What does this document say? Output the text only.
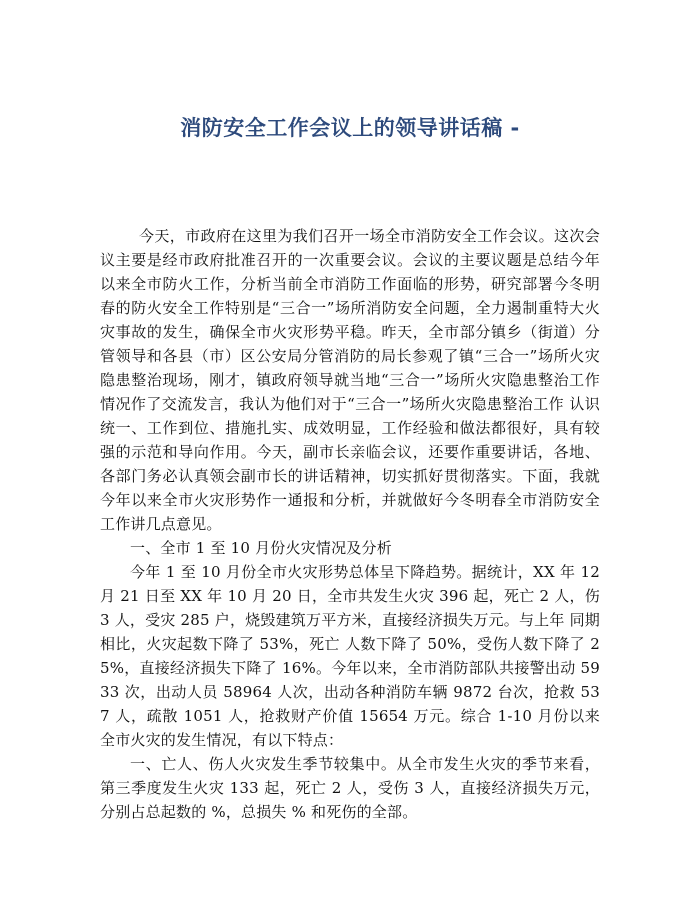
消防安全工作会议上的领导讲话稿 -

今天，市政府在这里为我们召开一场全市消防安全工作会议。这次会议主要是经市政府批准召开的一次重要会议。会议的主要议题是总结今年以来全市防火工作，分析当前全市消防工作面临的形势，研究部署今冬明春的防火安全工作特别是“三合一”场所消防安全问题，全力遏制重特大火灾事故的发生，确保全市火灾形势平稳。昨天，全市部分镇乡（街道）分管领导和各县（市）区公安局分管消防的局长参观了镇“三合一”场所火灾隐患整治现场，刚才，镇政府领导就当地“三合一”场所火灾隐患整治工作情况作了交流发言，我认为他们对于“三合一”场所火灾隐患整治工作 认识统一、工作到位、措施扎实、成效明显，工作经验和做法都很好，具有较强的示范和导向作用。今天，副市长亲临会议，还要作重要讲话，各地、各部门务必认真领会副市长的讲话精神，切实抓好贯彻落实。下面，我就今年以来全市火灾形势作一通报和分析，并就做好今冬明春全市消防安全工作讲几点意见。

一、全市 1 至 10 月份火灾情况及分析

今年 1 至 10 月份全市火灾形势总体呈下降趋势。据统计，XX 年 12 月 21 日至 XX 年 10 月 20 日，全市共发生火灾 396 起，死亡 2 人，伤 3 人，受灾 285 户，烧毁建筑万平方米，直接经济损失万元。与上年 同期相比，火灾起数下降了 53%，死亡 人数下降了 50%，受伤人数下降了 25%，直接经济损失下降了 16%。今年以来，全市消防部队共接警出动 5933 次，出动人员 58964 人次，出动各种消防车辆 9872 台次，抢救 537 人，疏散 1051 人，抢救财产价值 15654 万元。综合 1-10 月份以来全市火灾的发生情况，有以下特点：

一、亡人、伤人火灾发生季节较集中。从全市发生火灾的季节来看，第三季度发生火灾 133 起，死亡 2 人，受伤 3 人，直接经济损失万元，分别占总起数的 %，总损失 % 和死伤的全部。
